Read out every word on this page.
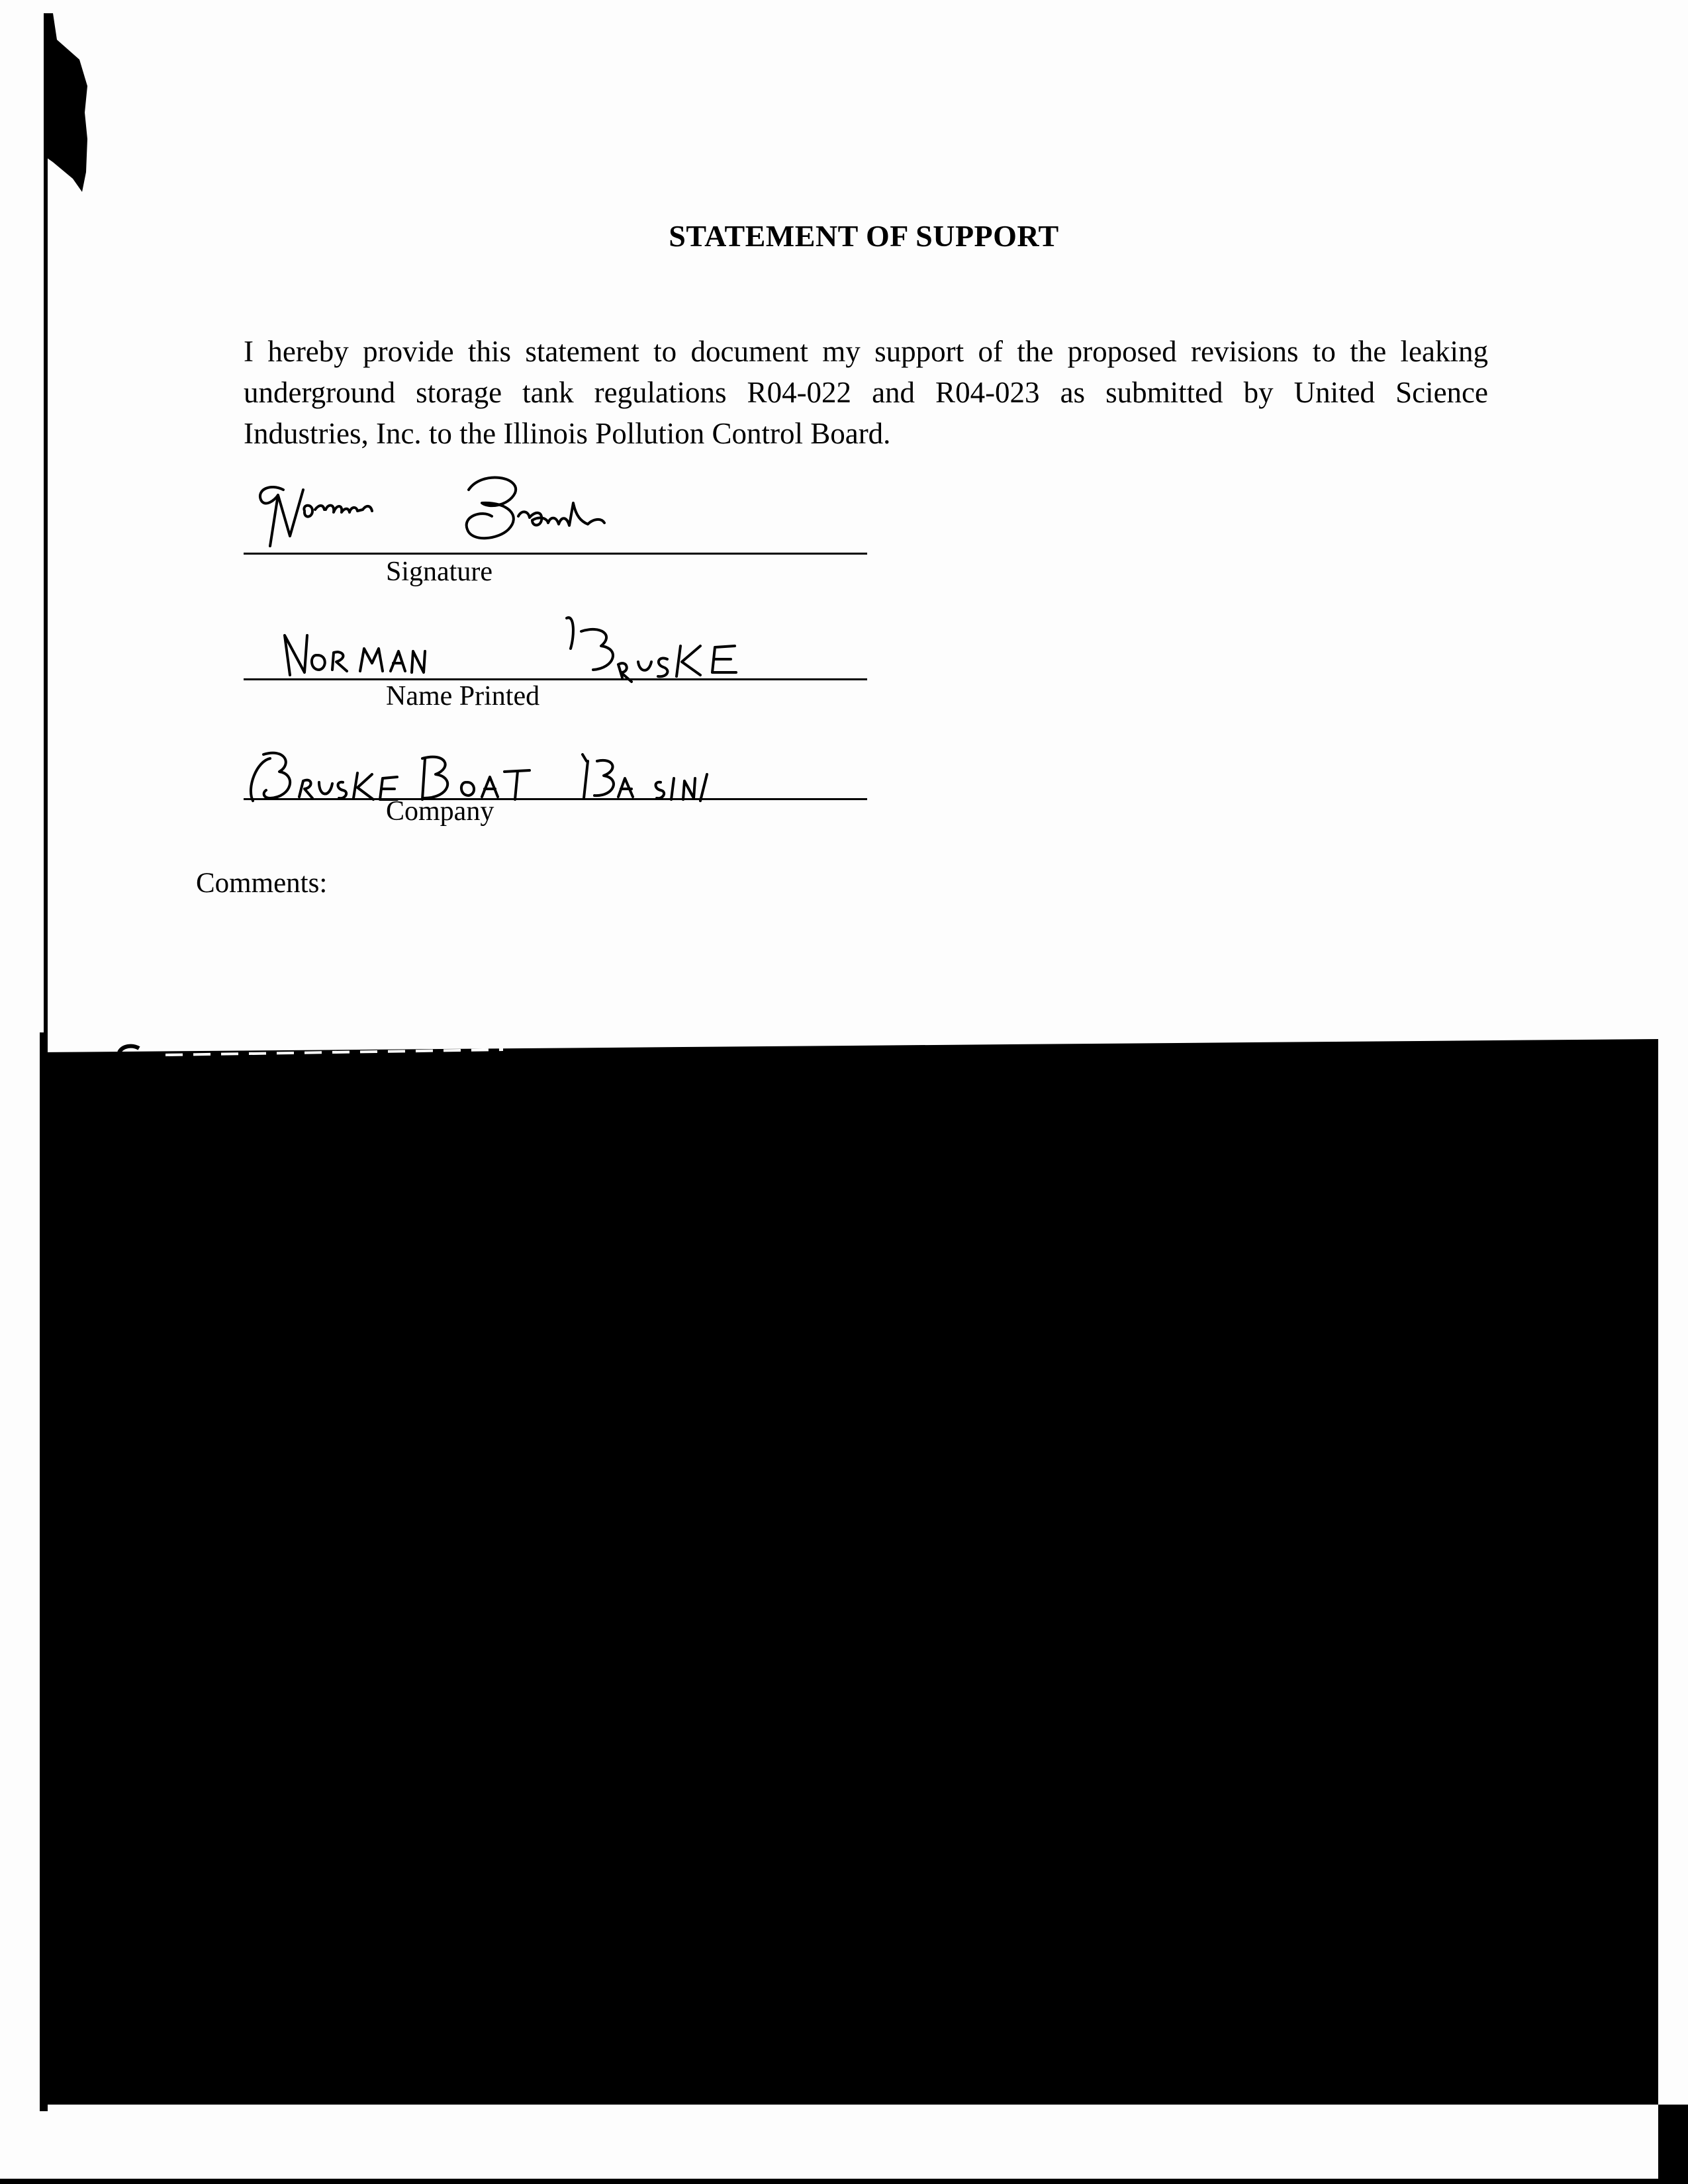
STATEMENT OF SUPPORT
I hereby provide this statement to document my support of the proposed revisions to the leaking
underground storage tank regulations R04-022 and R04-023 as submitted by United Science
Industries, Inc. to the Illinois Pollution Control Board.
Signature
Name Printed
Company
Comments:
